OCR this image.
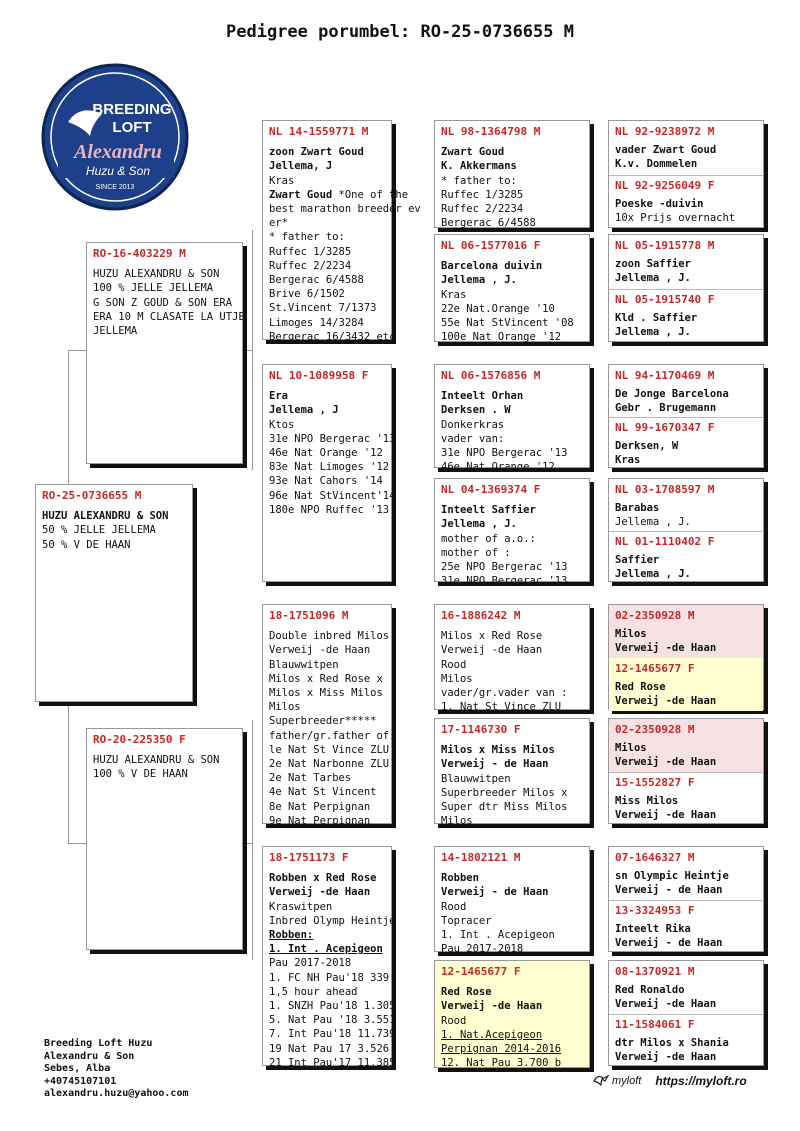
Pedigree porumbel: RO-25-0736655 M
BREEDING
LOFT
Alexandru
Huzu & Son
SINCE 2013
RO-25-0736655 M
HUZU ALEXANDRU & SON
50 % JELLE JELLEMA
50 % V DE HAAN
RO-16-403229 M
HUZU ALEXANDRU & SON
100 % JELLE JELLEMA
G SON Z GOUD & SON ERA
ERA 10 M CLASATE LA UTJE
JELLEMA
RO-20-225350 F
HUZU ALEXANDRU & SON
100 % V DE HAAN
NL 14-1559771 M
zoon Zwart Goud
Jellema, J
Kras
Zwart Goud *One of the
best marathon breeder ev
er*
* father to:
Ruffec 1/3285
Ruffec 2/2234
Bergerac 6/4588
Brive 6/1502
St.Vincent 7/1373
Limoges 14/3284
Bergerac 16/3432 etc
NL 10-1089958 F
Era
Jellema , J
Ktos
31e NPO Bergerac '13
46e Nat Orange '12
83e Nat Limoges '12
93e Nat Cahors '14
96e Nat StVincent'14
180e NPO Ruffec '13
18-1751096 M
Double inbred Milos
Verweij -de Haan
Blauwwitpen
Milos x Red Rose x
Milos x Miss Milos
Milos
Superbreeder*****
father/gr.father of:
le Nat St Vince ZLU
2e Nat Narbonne ZLU
2e Nat Tarbes
4e Nat St Vincent
8e Nat Perpignan
9e Nat Perpignan
18-1751173 F
Robben x Red Rose
Verweij -de Haan
Kraswitpen
Inbred Olymp Heintje
Robben:
1. Int . Acepigeon
Pau 2017-2018
1. FC NH Pau'18 339
1,5 hour ahead
1. SNZH Pau'18 1.305
5. Nat Pau '18 3.551
7. Int Pau'18 11.739
19 Nat Pau 17 3.526
21 Int Pau'17 11.385
NL 98-1364798 M
Zwart Goud
K. Akkermans
* father to:
Ruffec 1/3285
Ruffec 2/2234
Bergerac 6/4588
NL 06-1577016 F
Barcelona duivin
Jellema , J.
Kras
22e Nat.Orange '10
55e Nat StVincent '08
100e Nat Orange '12
NL 06-1576856 M
Inteelt Orhan
Derksen . W
Donkerkras
vader van:
31e NPO Bergerac '13
46e Nat Orange '12
NL 04-1369374 F
Inteelt Saffier
Jellema , J.
mother of a.o.:
mother of :
25e NPO Bergerac '13
31e NPO Bergerac '13
16-1886242 M
Milos x Red Rose
Verweij -de Haan
Rood
Milos
vader/gr.vader van :
1. Nat St Vince ZLU
17-1146730 F
Milos x Miss Milos
Verweij - de Haan
Blauwwitpen
Superbreeder Milos x
Super dtr Miss Milos
Milos
14-1802121 M
Robben
Verweij - de Haan
Rood
Topracer
1. Int . Acepigeon
Pau 2017-2018
12-1465677 F
Red Rose
Verweij -de Haan
Rood
1. Nat.Acepigeon
Perpignan 2014-2016
12. Nat Pau 3.700 b
NL 92-9238972 M
vader Zwart Goud
K.v. Dommelen
NL 92-9256049 F
Poeske -duivin
10x Prijs overnacht
NL 05-1915778 M
zoon Saffier
Jellema , J.
NL 05-1915740 F
Kld . Saffier
Jellema , J.
NL 94-1170469 M
De Jonge Barcelona
Gebr . Brugemann
NL 99-1670347 F
Derksen, W
Kras
NL 03-1708597 M
Barabas
Jellema , J.
NL 01-1110402 F
Saffier
Jellema , J.
02-2350928 M
Milos
Verweij -de Haan
12-1465677 F
Red Rose
Verweij -de Haan
02-2350928 M
Milos
Verweij -de Haan
15-1552827 F
Miss Milos
Verweij -de Haan
07-1646327 M
sn Olympic Heintje
Verweij - de Haan
13-3324953 F
Inteelt Rika
Verweij - de Haan
08-1370921 M
Red Ronaldo
Verweij -de Haan
11-1584061 F
dtr Milos x Shania
Verweij -de Haan
Breeding Loft Huzu
Alexandru & Son
Sebes, Alba
+40745107101
alexandru.huzu@yahoo.com
myloft https://myloft.ro
